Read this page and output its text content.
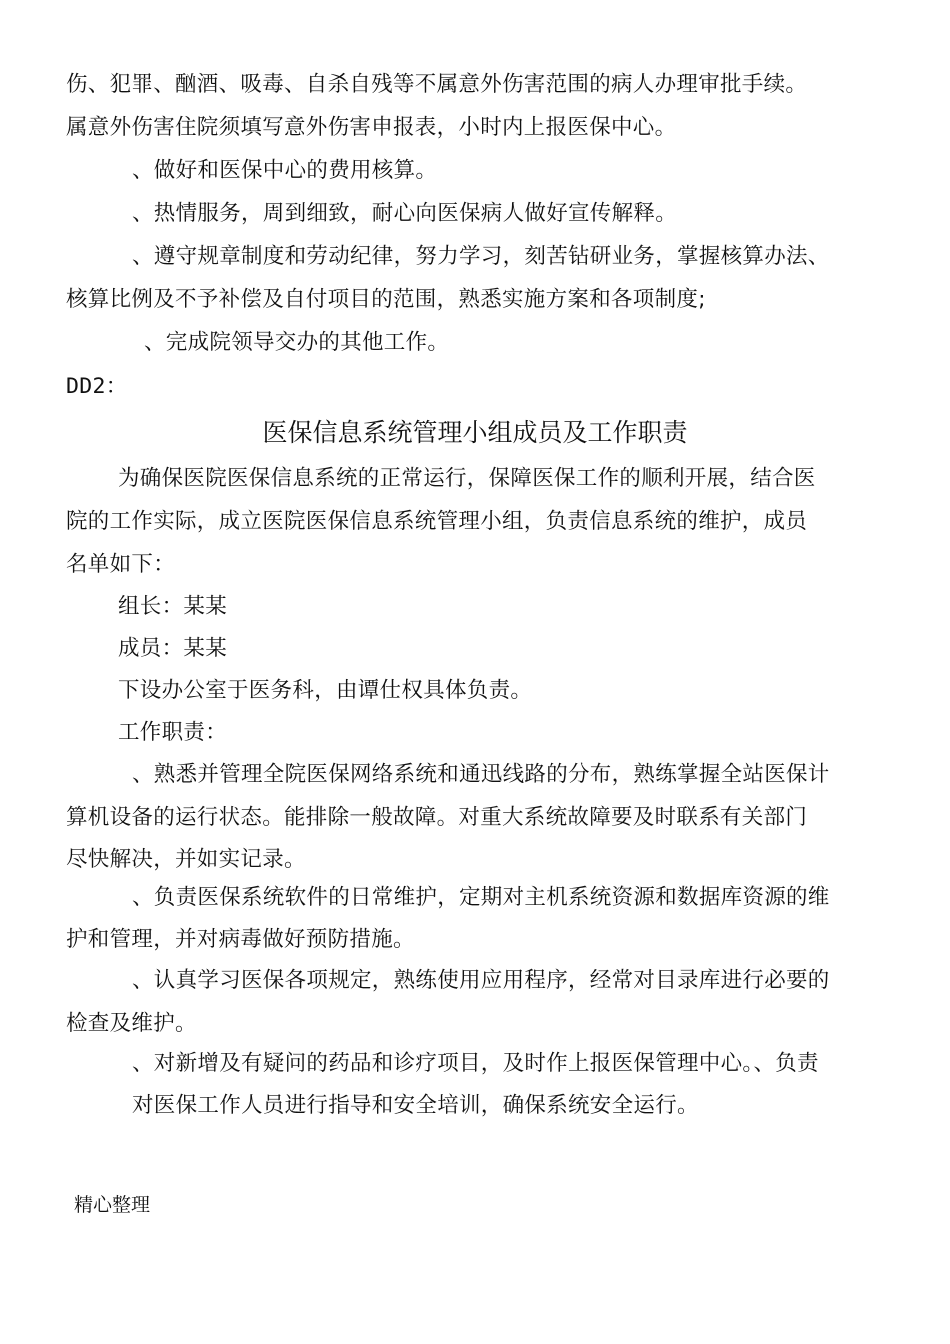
伤、犯罪、酗酒、吸毒、自杀自残等不属意外伤害范围的病人办理审批手续。
属意外伤害住院须填写意外伤害申报表，小时内上报医保中心。
、做好和医保中心的费用核算。
、热情服务，周到细致，耐心向医保病人做好宣传解释。
、遵守规章制度和劳动纪律，努力学习，刻苦钻研业务，掌握核算办法、
核算比例及不予补偿及自付项目的范围，熟悉实施方案和各项制度;
、完成院领导交办的其他工作。
DD2：
医保信息系统管理小组成员及工作职责
为确保医院医保信息系统的正常运行，保障医保工作的顺利开展，结合医
院的工作实际，成立医院医保信息系统管理小组，负责信息系统的维护，成员
名单如下：
组长：某某
成员：某某
下设办公室于医务科，由谭仕权具体负责。
工作职责：
、熟悉并管理全院医保网络系统和通迅线路的分布，熟练掌握全站医保计
算机设备的运行状态。能排除一般故障。对重大系统故障要及时联系有关部门
尽快解决，并如实记录。
、负责医保系统软件的日常维护，定期对主机系统资源和数据库资源的维
护和管理，并对病毒做好预防措施。
、认真学习医保各项规定，熟练使用应用程序，经常对目录库进行必要的
检查及维护。
、对新增及有疑问的药品和诊疗项目，及时作上报医保管理中心。、负责
对医保工作人员进行指导和安全培训，确保系统安全运行。
精心整理
